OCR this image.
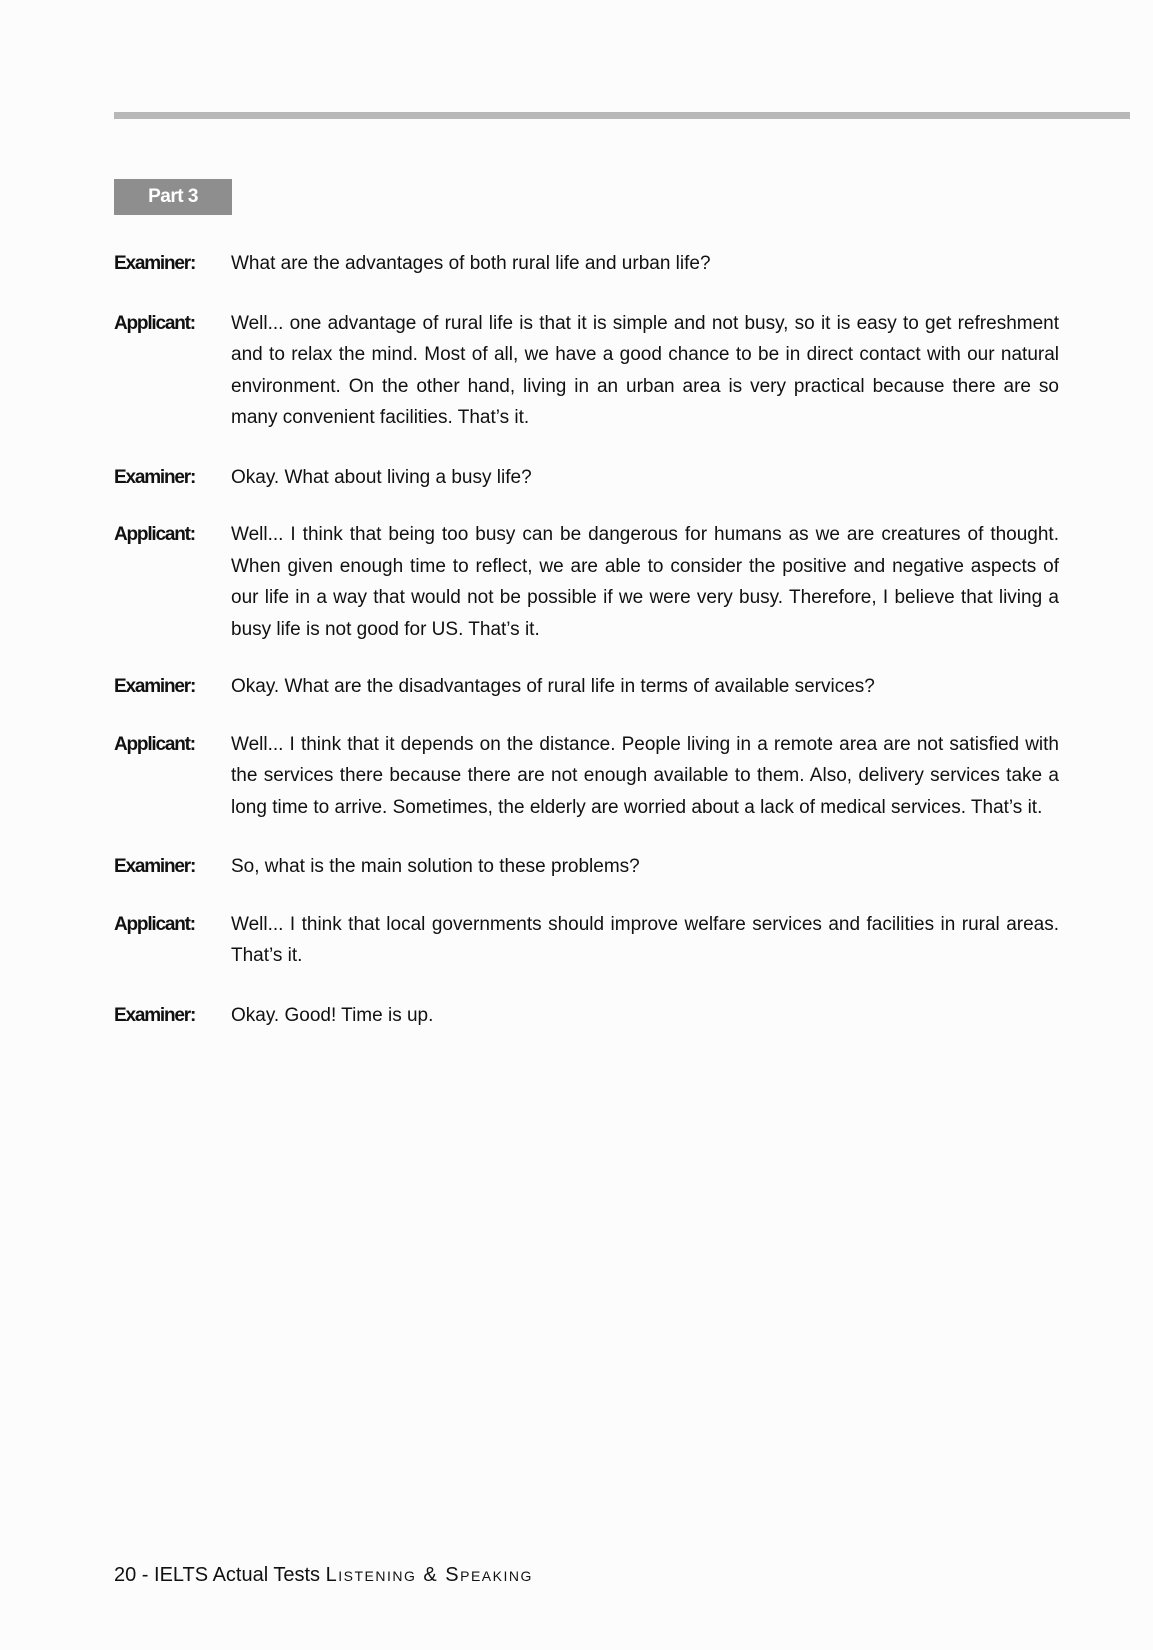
Part 3
Examiner:	What are the advantages of both rural life and urban life?
Applicant:	Well... one advantage of rural life is that it is simple and not busy, so it is easy to get refreshment and to relax the mind. Most of all, we have a good chance to be in direct contact with our natural environment. On the other hand, living in an urban area is very practical because there are so many convenient facilities. That’s it.
Examiner:	Okay. What about living a busy life?
Applicant:	Well... I think that being too busy can be dangerous for humans as we are creatures of thought. When given enough time to reflect, we are able to consider the positive and negative aspects of our life in a way that would not be possible if we were very busy. Therefore, I believe that living a busy life is not good for US. That’s it.
Examiner:	Okay. What are the disadvantages of rural life in terms of available services?
Applicant:	Well... I think that it depends on the distance. People living in a remote area are not satisfied with the services there because there are not enough available to them. Also, delivery services take a long time to arrive. Sometimes, the elderly are worried about a lack of medical services. That’s it.
Examiner:	So, what is the main solution to these problems?
Applicant:	Well... I think that local governments should improve welfare services and facilities in rural areas. That’s it.
Examiner:	Okay. Good! Time is up.
20 - IELTS Actual Tests Listening & Speaking
